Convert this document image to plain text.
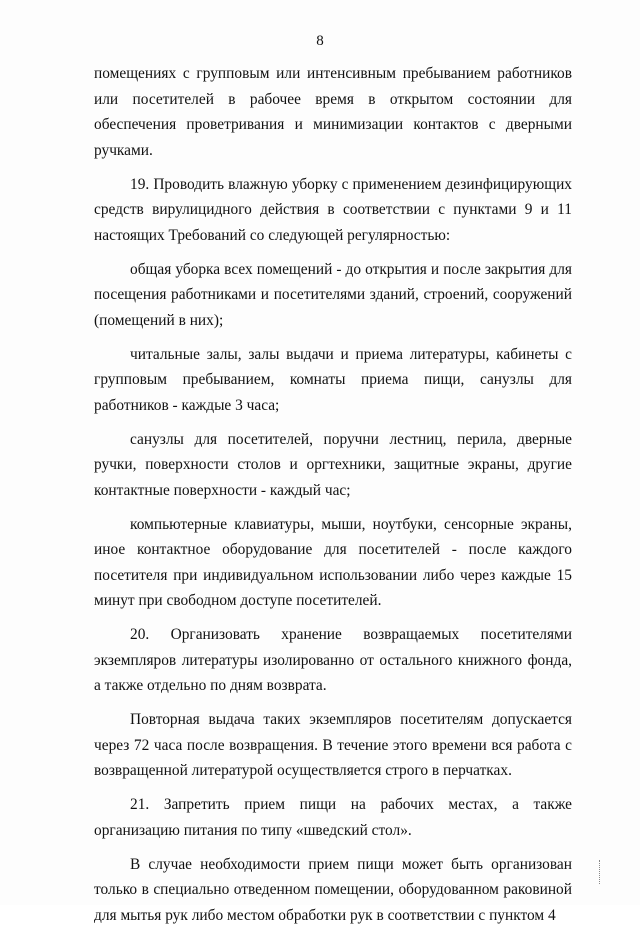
8

помещениях с групповым или интенсивным пребыванием работников или посетителей в рабочее время в открытом состоянии для обеспечения проветривания и минимизации контактов с дверными ручками.

19. Проводить влажную уборку с применением дезинфицирующих средств вирулицидного действия в соответствии с пунктами 9 и 11 настоящих Требований со следующей регулярностью:

общая уборка всех помещений - до открытия и после закрытия для посещения работниками и посетителями зданий, строений, сооружений (помещений в них);

читальные залы, залы выдачи и приема литературы, кабинеты с групповым пребыванием, комнаты приема пищи, санузлы для работников - каждые 3 часа;

санузлы для посетителей, поручни лестниц, перила, дверные ручки, поверхности столов и оргтехники, защитные экраны, другие контактные поверхности - каждый час;

компьютерные клавиатуры, мыши, ноутбуки, сенсорные экраны, иное контактное оборудование для посетителей - после каждого посетителя при индивидуальном использовании либо через каждые 15 минут при свободном доступе посетителей.

20. Организовать хранение возвращаемых посетителями экземпляров литературы изолированно от остального книжного фонда, а также отдельно по дням возврата.

Повторная выдача таких экземпляров посетителям допускается через 72 часа после возвращения. В течение этого времени вся работа с возвращенной литературой осуществляется строго в перчатках.

21. Запретить прием пищи на рабочих местах, а также организацию питания по типу «шведский стол».

В случае необходимости прием пищи может быть организован только в специально отведенном помещении, оборудованном раковиной для мытья рук либо местом обработки рук в соответствии с пунктом 4
